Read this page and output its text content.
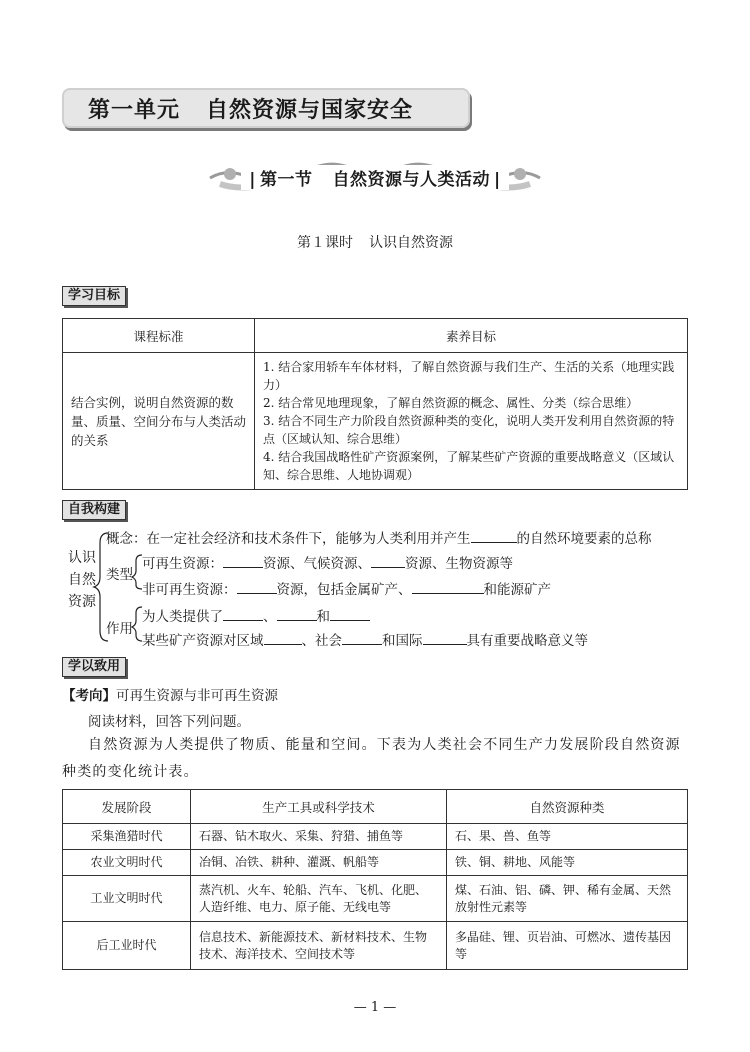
第一单元 自然资源与国家安全
| 第一节 自然资源与人类活动 |
第１课时 认识自然资源
学习目标
课程标准	素养目标
结合实例，说明自然资源的数量、质量、空间分布与人类活动的关系	1. 结合家用轿车车体材料，了解自然资源与我们生产、生活的关系（地理实践力）
2. 结合常见地理现象，了解自然资源的概念、属性、分类（综合思维）
3. 结合不同生产力阶段自然资源种类的变化，说明人类开发利用自然资源的特点（区域认知、综合思维）
4. 结合我国战略性矿产资源案例，了解某些矿产资源的重要战略意义（区域认知、综合思维、人地协调观）
自我构建
认识
自然
资源
概念：在一定社会经济和技术条件下，能够为人类利用并产生	的自然环境要素的总称
类型
可再生资源：	资源、气候资源、	资源、生物资源等
非可再生资源：	资源，包括金属矿产、	和能源矿产
作用
为人类提供了	、	和
某些矿产资源对区域	、社会	和国际	具有重要战略意义等
学以致用
【考向】可再生资源与非可再生资源
阅读材料，回答下列问题。
自然资源为人类提供了物质、能量和空间。下表为人类社会不同生产力发展阶段自然资源种类的变化统计表。
发展阶段	生产工具或科学技术	自然资源种类
采集渔猎时代	石器、钻木取火、采集、狩猎、捕鱼等	石、果、兽、鱼等
农业文明时代	冶铜、冶铁、耕种、灌溉、帆船等	铁、铜、耕地、风能等
工业文明时代	蒸汽机、火车、轮船、汽车、飞机、化肥、人造纤维、电力、原子能、无线电等	煤、石油、铝、磷、钾、稀有金属、天然放射性元素等
后工业时代	信息技术、新能源技术、新材料技术、生物技术、海洋技术、空间技术等	多晶硅、锂、页岩油、可燃冰、遗传基因等
— 1 —
